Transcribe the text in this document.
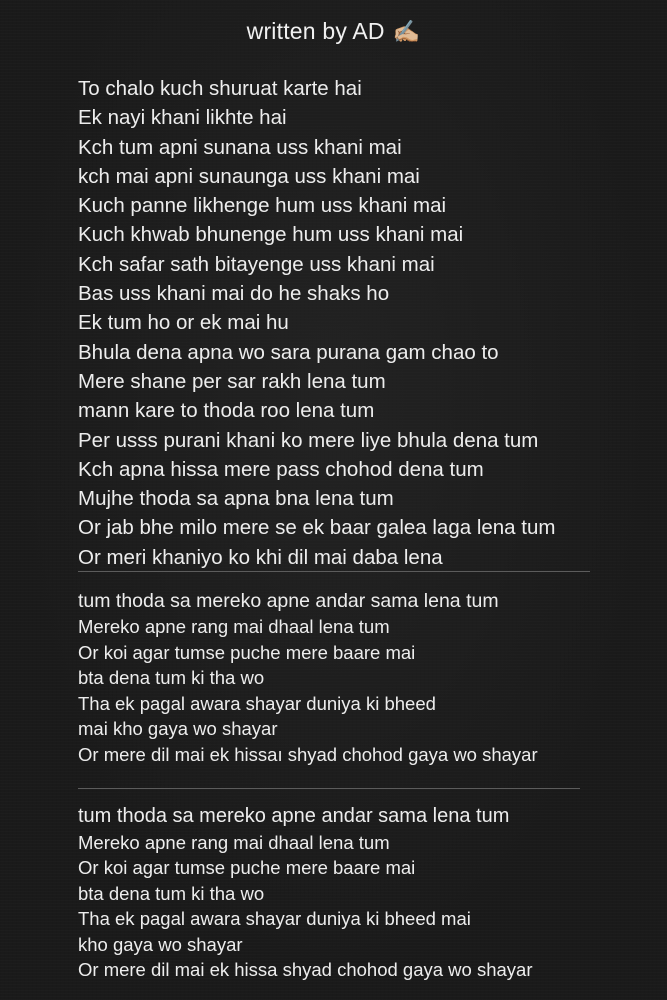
written by AD ✍🏼
To chalo kuch shuruat karte hai
Ek nayi khani likhte hai
Kch tum apni sunana uss khani mai
kch mai apni sunaunga uss khani mai
Kuch panne likhenge hum uss khani mai
Kuch khwab bhunenge hum uss khani mai
Kch safar sath bitayenge uss khani mai
Bas uss khani mai do he shaks ho
Ek tum ho or ek mai hu
Bhula dena apna wo sara purana gam chao to
Mere shane per sar rakh lena tum
mann kare to thoda roo lena tum
Per usss purani khani ko mere liye bhula dena tum
Kch apna hissa mere pass chohod dena tum
Mujhe thoda sa apna bna lena tum
Or jab bhe milo mere se ek baar galea laga lena tum
Or meri khaniyo ko khi dil mai daba lena
tum thoda sa mereko apne andar sama lena tum
Mereko apne rang mai dhaal lena tum
Or koi agar tumse puche mere baare mai
bta dena tum ki tha wo
Tha ek pagal awara shayar duniya ki bheed
mai kho gaya wo shayar
Or mere dil mai ek hissaı shyad chohod gaya wo shayar
tum thoda sa mereko apne andar sama lena tum
Mereko apne rang mai dhaal lena tum
Or koi agar tumse puche mere baare mai
bta dena tum ki tha wo
Tha ek pagal awara shayar duniya ki bheed mai
kho gaya wo shayar
Or mere dil mai ek hissa shyad chohod gaya wo shayar
